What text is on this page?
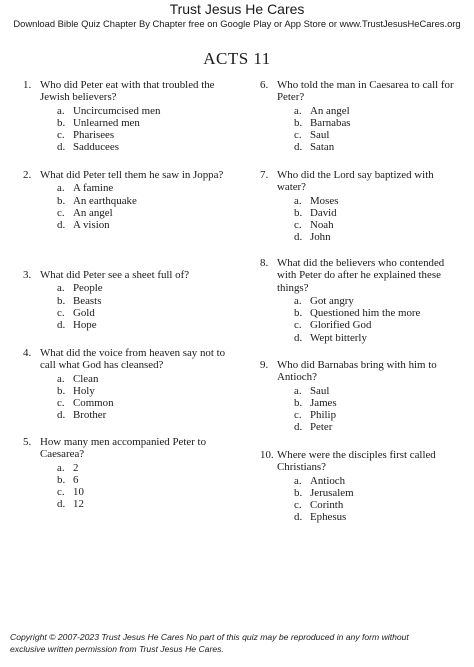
Trust Jesus He Cares
Download Bible Quiz Chapter By Chapter free on Google Play or App Store or www.TrustJesusHeCares.org
ACTS 11
1. Who did Peter eat with that troubled the Jewish believers?
a. Uncircumcised men
b. Unlearned men
c. Pharisees
d. Sadducees
2. What did Peter tell them he saw in Joppa?
a. A famine
b. An earthquake
c. An angel
d. A vision
3. What did Peter see a sheet full of?
a. People
b. Beasts
c. Gold
d. Hope
4. What did the voice from heaven say not to call what God has cleansed?
a. Clean
b. Holy
c. Common
d. Brother
5. How many men accompanied Peter to Caesarea?
a. 2
b. 6
c. 10
d. 12
6. Who told the man in Caesarea to call for Peter?
a. An angel
b. Barnabas
c. Saul
d. Satan
7. Who did the Lord say baptized with water?
a. Moses
b. David
c. Noah
d. John
8. What did the believers who contended with Peter do after he explained these things?
a. Got angry
b. Questioned him the more
c. Glorified God
d. Wept bitterly
9. Who did Barnabas bring with him to Antioch?
a. Saul
b. James
c. Philip
d. Peter
10. Where were the disciples first called Christians?
a. Antioch
b. Jerusalem
c. Corinth
d. Ephesus
Copyright © 2007-2023 Trust Jesus He Cares No part of this quiz may be reproduced in any form without
exclusive written permission from Trust Jesus He Cares.
